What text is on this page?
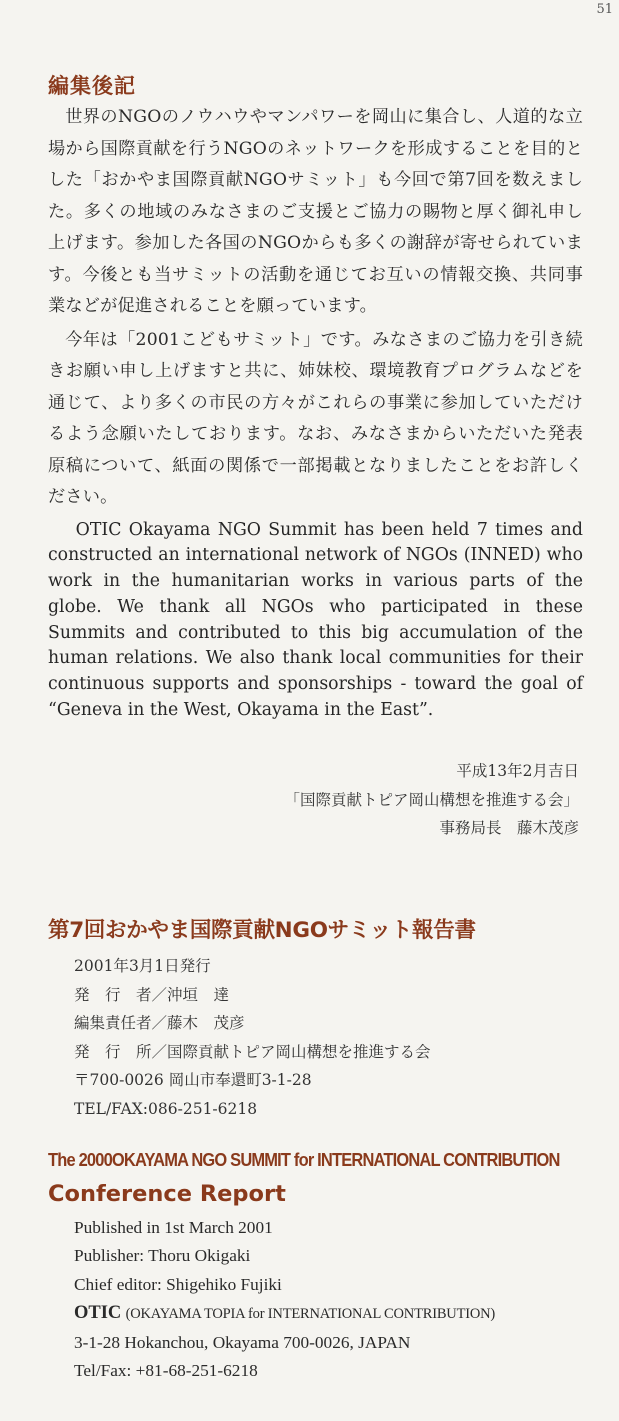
51
編集後記

世界のNGOのノウハウやマンパワーを岡山に集合し、人道的な立場から国際貢献を行うNGOのネットワークを形成することを目的とした「おかやま国際貢献NGOサミット」も今回で第7回を数えました。多くの地域のみなさまのご支援とご協力の賜物と厚く御礼申し上げます。参加した各国のNGOからも多くの謝辞が寄せられています。今後とも当サミットの活動を通じてお互いの情報交換、共同事業などが促進されることを願っています。

今年は「2001こどもサミット」です。みなさまのご協力を引き続きお願い申し上げますと共に、姉妹校、環境教育プログラムなどを通じて、より多くの市民の方々がこれらの事業に参加していただけるよう念願いたしております。なお、みなさまからいただいた発表原稿について、紙面の関係で一部掲載となりましたことをお許しください。

OTIC Okayama NGO Summit has been held 7 times and constructed an international network of NGOs (INNED) who work in the humanitarian works in various parts of the globe. We thank all NGOs who participated in these Summits and contributed to this big accumulation of the human relations. We also thank local communities for their continuous supports and sponsorships - toward the goal of “Geneva in the West, Okayama in the East”.

平成13年2月吉日
「国際貢献トピア岡山構想を推進する会」
事務局長　藤木茂彦
第7回おかやま国際貢献NGOサミット報告書
2001年3月1日発行
発　行　者／沖垣　達
編集責任者／藤木　茂彦
発　行　所／国際貢献トピア岡山構想を推進する会
〒700-0026 岡山市奉還町3-1-28
TEL/FAX:086-251-6218
The 2000OKAYAMA NGO SUMMIT for INTERNATIONAL CONTRIBUTION
Conference Report
Published in 1st March 2001
Publisher: Thoru Okigaki
Chief editor: Shigehiko Fujiki
OTIC (OKAYAMA TOPIA for INTERNATIONAL CONTRIBUTION)
3-1-28 Hokanchou, Okayama 700-0026, JAPAN
Tel/Fax: +81-68-251-6218
